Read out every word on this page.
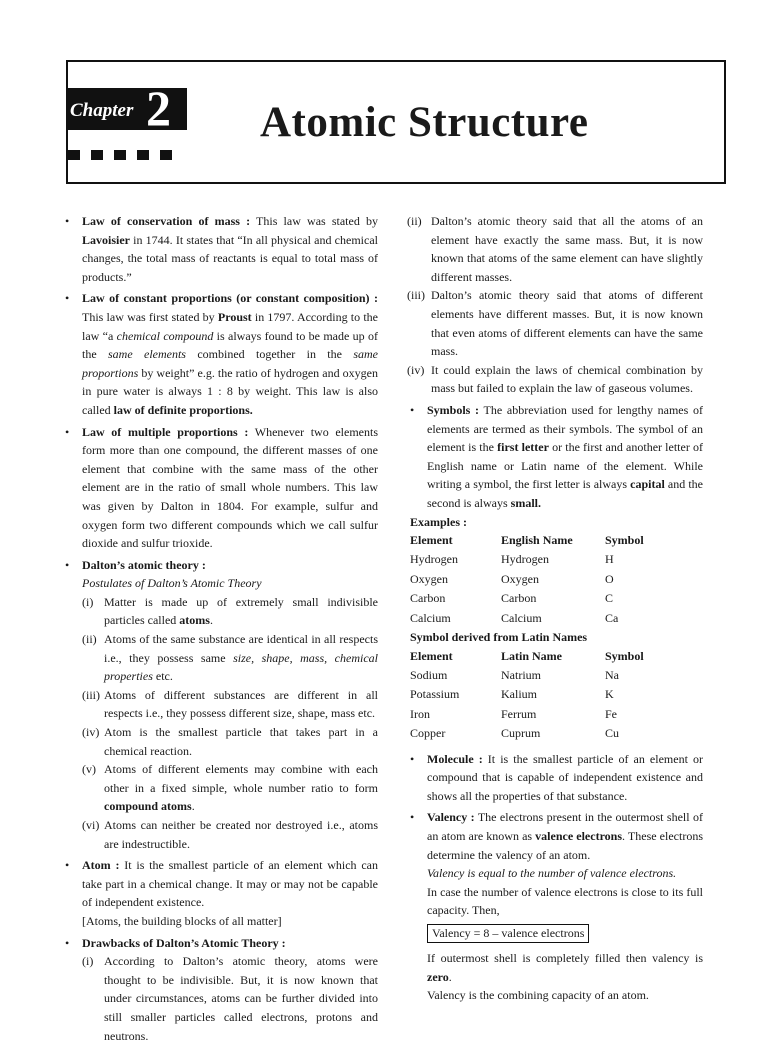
Chapter 2 Atomic Structure

• Law of conservation of mass : This law was stated by Lavoisier in 1744. It states that “In all physical and chemical changes, the total mass of reactants is equal to total mass of products.”

• Law of constant proportions (or constant composition) : This law was first stated by Proust in 1797. According to the law “a chemical compound is always found to be made up of the same elements combined together in the same proportions by weight” e.g. the ratio of hydrogen and oxygen in pure water is always 1 : 8 by weight. This law is also called law of definite proportions.

• Law of multiple proportions : Whenever two elements form more than one compound, the different masses of one element that combine with the same mass of the other element are in the ratio of small whole numbers. This law was given by Dalton in 1804. For example, sulfur and oxygen form two different compounds which we call sulfur dioxide and sulfur trioxide.

• Dalton’s atomic theory :

Postulates of Dalton’s Atomic Theory

(i) Matter is made up of extremely small indivisible particles called atoms.

(ii) Atoms of the same substance are identical in all respects i.e., they possess same size, shape, mass, chemical properties etc.

(iii) Atoms of different substances are different in all respects i.e., they possess different size, shape, mass etc.

(iv) Atom is the smallest particle that takes part in a chemical reaction.

(v) Atoms of different elements may combine with each other in a fixed simple, whole number ratio to form compound atoms.

(vi) Atoms can neither be created nor destroyed i.e., atoms are indestructible.

• Atom : It is the smallest particle of an element which can take part in a chemical change. It may or may not be capable of independent existence.

[Atoms, the building blocks of all matter]

• Drawbacks of Dalton’s Atomic Theory :

(i) According to Dalton’s atomic theory, atoms were thought to be indivisible. But, it is now known that under circumstances, atoms can be further divided into still smaller particles called electrons, protons and neutrons.

(ii) Dalton’s atomic theory said that all the atoms of an element have exactly the same mass. But, it is now known that atoms of the same element can have slightly different masses.

(iii) Dalton’s atomic theory said that atoms of different elements have different masses. But, it is now known that even atoms of different elements can have the same mass.

(iv) It could explain the laws of chemical combination by mass but failed to explain the law of gaseous volumes.

• Symbols : The abbreviation used for lengthy names of elements are termed as their symbols. The symbol of an element is the first letter or the first and another letter of English name or Latin name of the element. While writing a symbol, the first letter is always capital and the second is always small.

Examples :

Element	English Name	Symbol
Hydrogen	Hydrogen	H
Oxygen	Oxygen	O
Carbon	Carbon	C
Calcium	Calcium	Ca

Symbol derived from Latin Names

Element	Latin Name	Symbol
Sodium	Natrium	Na
Potassium	Kalium	K
Iron	Ferrum	Fe
Copper	Cuprum	Cu

• Molecule : It is the smallest particle of an element or compound that is capable of independent existence and shows all the properties of that substance.

• Valency : The electrons present in the outermost shell of an atom are known as valence electrons. These electrons determine the valency of an atom.

Valency is equal to the number of valence electrons.

In case the number of valence electrons is close to its full capacity. Then,

Valency = 8 – valence electrons

If outermost shell is completely filled then valency is zero.

Valency is the combining capacity of an atom.
